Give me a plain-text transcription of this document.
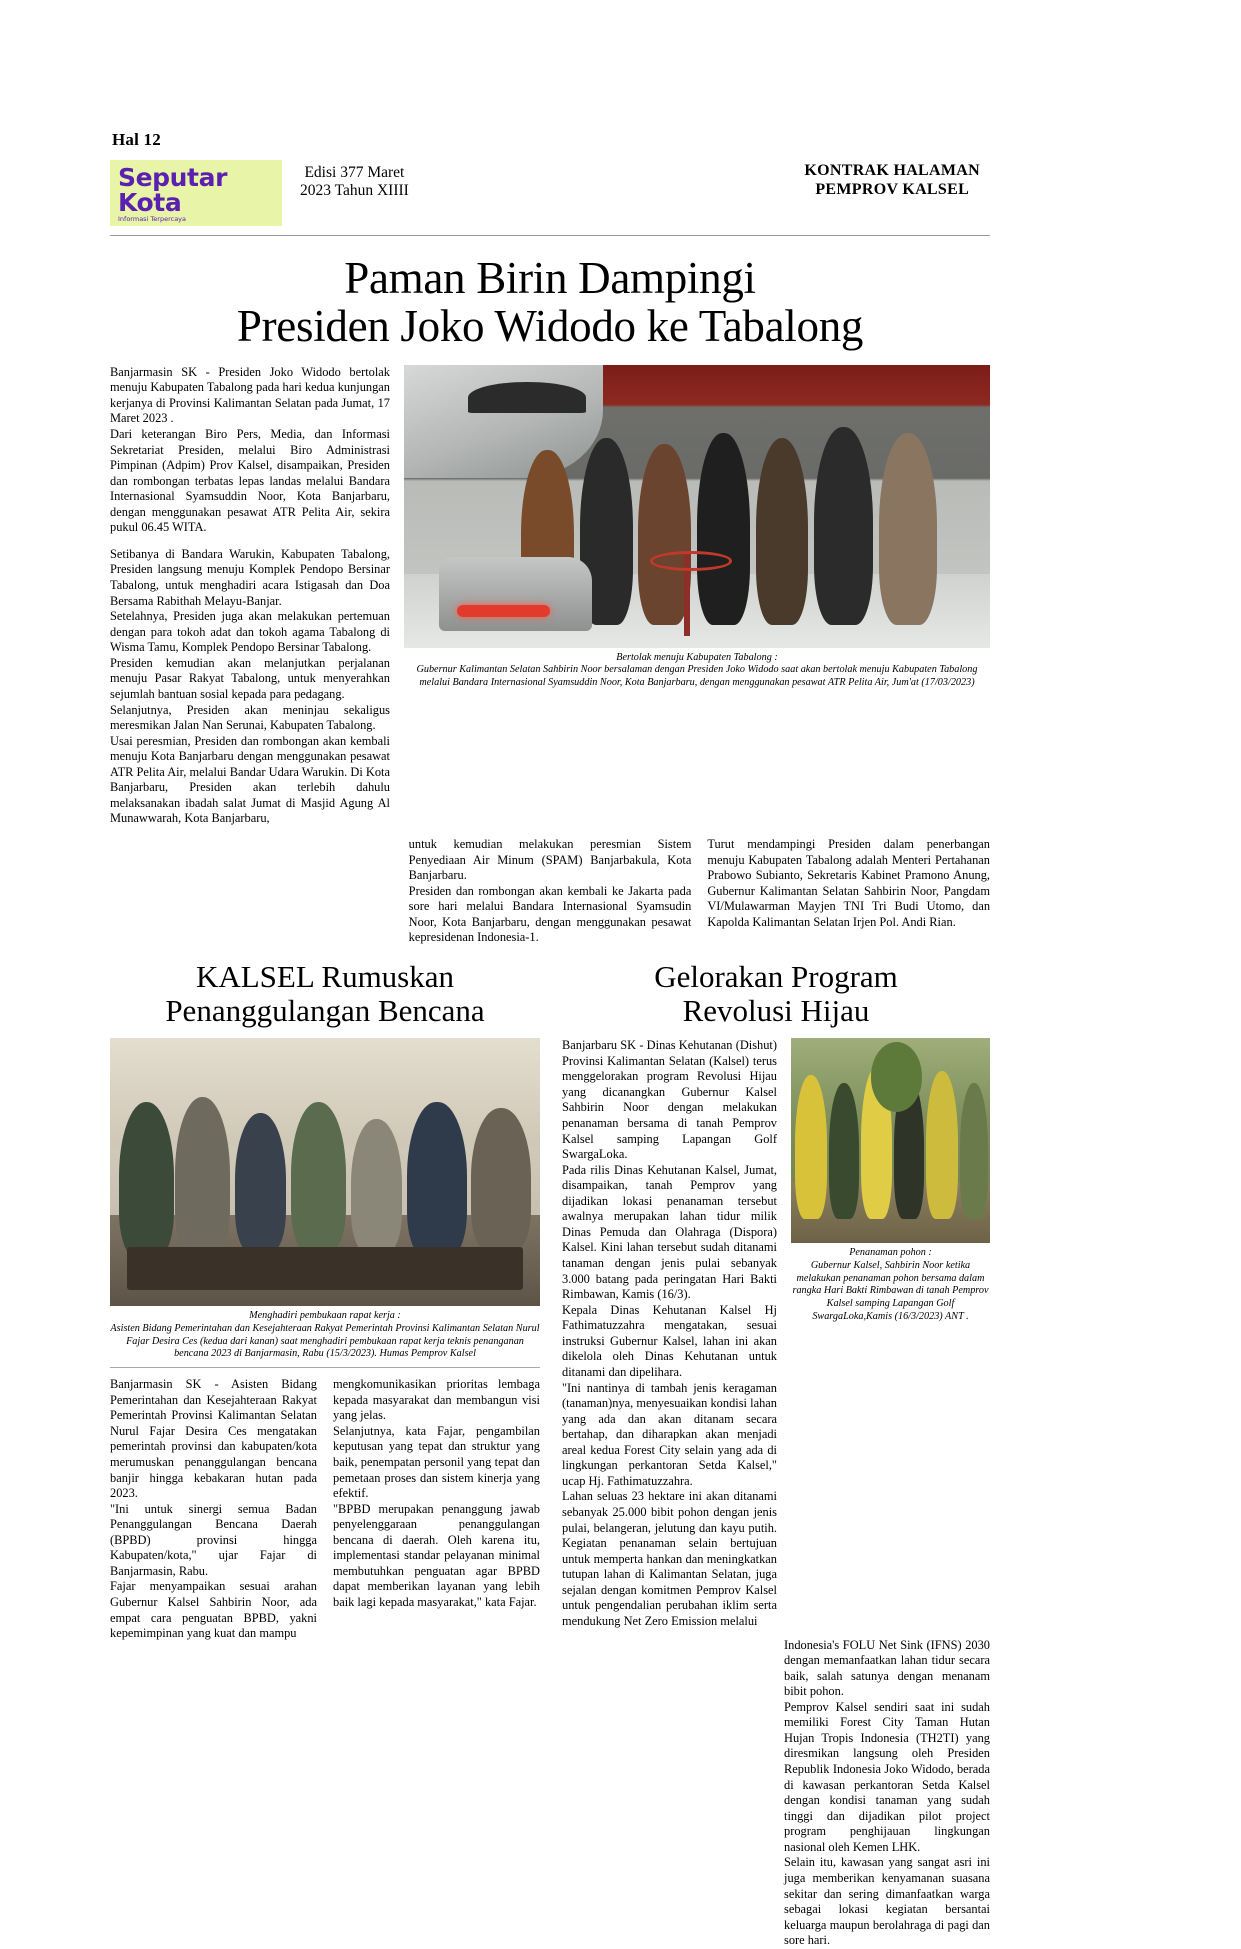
Hal 12
Seputar Kota
Informasi Terpercaya
Edisi 377 Maret
2023 Tahun XIIII
KONTRAK HALAMAN
PEMPROV KALSEL
Paman Birin Dampingi
Presiden Joko Widodo ke Tabalong

Banjarmasin SK - Presiden Joko Widodo bertolak menuju Kabupaten Tabalong pada hari kedua kunjungan kerjanya di Provinsi Kalimantan Selatan pada Jumat, 17 Maret 2023 .

Dari keterangan Biro Pers, Media, dan Informasi Sekretariat Presiden, melalui Biro Administrasi Pimpinan (Adpim) Prov Kalsel, disampaikan, Presiden dan rombongan terbatas lepas landas melalui Bandara Internasional Syamsuddin Noor, Kota Banjarbaru, dengan menggunakan pesawat ATR Pelita Air, sekira pukul 06.45 WITA.

Setibanya di Bandara Warukin, Kabupaten Tabalong, Presiden langsung menuju Komplek Pendopo Bersinar Tabalong, untuk menghadiri acara Istigasah dan Doa Bersama Rabithah Melayu-Banjar.

Setelahnya, Presiden juga akan melakukan pertemuan dengan para tokoh adat dan tokoh agama Tabalong di Wisma Tamu, Komplek Pendopo Bersinar Tabalong.

Presiden kemudian akan melanjutkan perjalanan menuju Pasar Rakyat Tabalong, untuk menyerahkan sejumlah bantuan sosial kepada para pedagang.

Selanjutnya, Presiden akan meninjau sekaligus meresmikan Jalan Nan Serunai, Kabupaten Tabalong.

Usai peresmian, Presiden dan rombongan akan kembali menuju Kota Banjarbaru dengan menggunakan pesawat ATR Pelita Air, melalui Bandar Udara Warukin. Di Kota Banjarbaru, Presiden akan terlebih dahulu melaksanakan ibadah salat Jumat di Masjid Agung Al Munawwarah, Kota Banjarbaru,

Bertolak menuju Kabupaten Tabalong :
Gubernur Kalimantan Selatan Sahbirin Noor bersalaman dengan Presiden Joko Widodo saat akan bertolak menuju Kabupaten Tabalong melalui Bandara Internasional Syamsuddin Noor, Kota Banjarbaru, dengan menggunakan pesawat ATR Pelita Air, Jum'at (17/03/2023)

untuk kemudian melakukan peresmian Sistem Penyediaan Air Minum (SPAM) Banjarbakula, Kota Banjarbaru.

Presiden dan rombongan akan kembali ke Jakarta pada sore hari melalui Bandara Internasional Syamsudin Noor, Kota Banjarbaru, dengan menggunakan pesawat kepresidenan Indonesia-1.

Turut mendampingi Presiden dalam penerbangan menuju Kabupaten Tabalong adalah Menteri Pertahanan Prabowo Subianto, Sekretaris Kabinet Pramono Anung, Gubernur Kalimantan Selatan Sahbirin Noor, Pangdam VI/Mulawarman Mayjen TNI Tri Budi Utomo, dan Kapolda Kalimantan Selatan Irjen Pol. Andi Rian.

KALSEL Rumuskan
Penanggulangan Bencana
Menghadiri pembukaan rapat kerja :
Asisten Bidang Pemerintahan dan Kesejahteraan Rakyat Pemerintah Provinsi Kalimantan Selatan Nurul Fajar Desira Ces (kedua dari kanan) saat menghadiri pembukaan rapat kerja teknis penanganan bencana 2023 di Banjarmasin, Rabu (15/3/2023). Humas Pemprov Kalsel

Banjarmasin SK - Asisten Bidang Pemerintahan dan Kesejahteraan Rakyat Pemerintah Provinsi Kalimantan Selatan Nurul Fajar Desira Ces mengatakan pemerintah provinsi dan kabupaten/kota merumuskan penanggulangan bencana banjir hingga kebakaran hutan pada 2023.

"Ini untuk sinergi semua Badan Penanggulangan Bencana Daerah (BPBD) provinsi hingga Kabupaten/kota," ujar Fajar di Banjarmasin, Rabu.

Fajar menyampaikan sesuai arahan Gubernur Kalsel Sahbirin Noor, ada empat cara penguatan BPBD, yakni kepemimpinan yang kuat dan mampu

mengkomunikasikan prioritas lembaga kepada masyarakat dan membangun visi yang jelas.

Selanjutnya, kata Fajar, pengambilan keputusan yang tepat dan struktur yang baik, penempatan personil yang tepat dan pemetaan proses dan sistem kinerja yang efektif.

"BPBD merupakan penanggung jawab penyelenggaraan penanggulangan bencana di daerah. Oleh karena itu, implementasi standar pelayanan minimal membutuhkan penguatan agar BPBD dapat memberikan layanan yang lebih baik lagi kepada masyarakat," kata Fajar.

Gelorakan Program
Revolusi Hijau

Banjarbaru SK - Dinas Kehutanan (Dishut) Provinsi Kalimantan Selatan (Kalsel) terus menggelorakan program Revolusi Hijau yang dicanangkan Gubernur Kalsel Sahbirin Noor dengan melakukan penanaman bersama di tanah Pemprov Kalsel samping Lapangan Golf SwargaLoka.

Pada rilis Dinas Kehutanan Kalsel, Jumat, disampaikan, tanah Pemprov yang dijadikan lokasi penanaman tersebut awalnya merupakan lahan tidur milik Dinas Pemuda dan Olahraga (Dispora) Kalsel. Kini lahan tersebut sudah ditanami tanaman dengan jenis pulai sebanyak 3.000 batang pada peringatan Hari Bakti Rimbawan, Kamis (16/3).

Kepala Dinas Kehutanan Kalsel Hj Fathimatuzzahra mengatakan, sesuai instruksi Gubernur Kalsel, lahan ini akan dikelola oleh Dinas Kehutanan untuk ditanami dan dipelihara.

"Ini nantinya di tambah jenis keragaman (tanaman)nya, menyesuaikan kondisi lahan yang ada dan akan ditanam secara bertahap, dan diharapkan akan menjadi areal kedua Forest City selain yang ada di lingkungan perkantoran Setda Kalsel," ucap Hj. Fathimatuzzahra.

Lahan seluas 23 hektare ini akan ditanami sebanyak 25.000 bibit pohon dengan jenis pulai, belangeran, jelutung dan kayu putih. Kegiatan penanaman selain bertujuan untuk memperta hankan dan meningkatkan tutupan lahan di Kalimantan Selatan, juga sejalan dengan komitmen Pemprov Kalsel untuk pengendalian perubahan iklim serta mendukung Net Zero Emission melalui

Penanaman pohon :
Gubernur Kalsel, Sahbirin Noor ketika melakukan penanaman pohon bersama dalam rangka Hari Bakti Rimbawan di tanah Pemprov Kalsel samping Lapangan Golf SwargaLoka,Kamis (16/3/2023) ANT .

Indonesia's FOLU Net Sink (IFNS) 2030 dengan memanfaatkan lahan tidur secara baik, salah satunya dengan menanam bibit pohon.

Pemprov Kalsel sendiri saat ini sudah memiliki Forest City Taman Hutan Hujan Tropis Indonesia (TH2TI) yang diresmikan langsung oleh Presiden Republik Indonesia Joko Widodo, berada di kawasan perkantoran Setda Kalsel dengan kondisi tanaman yang sudah tinggi dan dijadikan pilot project program penghijauan lingkungan nasional oleh Kemen LHK.

Selain itu, kawasan yang sangat asri ini juga memberikan kenyamanan suasana sekitar dan sering dimanfaatkan warga sebagai lokasi kegiatan bersantai keluarga maupun berolahraga di pagi dan sore hari.
